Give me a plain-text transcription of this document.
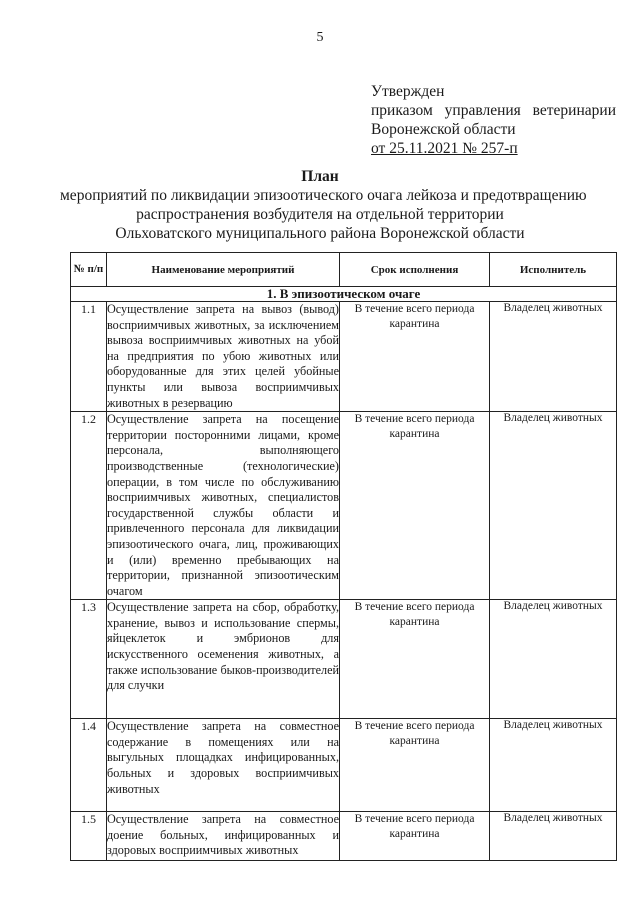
5
Утвержден
приказом управления ветеринарии
Воронежской области
от 25.11.2021 № 257-п
План
мероприятий по ликвидации эпизоотического очага лейкоза и предотвращению
распространения возбудителя на отдельной территории
Ольховатского муниципального района Воронежской области
№ п/п	Наименование мероприятий	Срок исполнения	Исполнитель
1. В эпизоотическом очаге			
1.1	Осуществление запрета на вывоз (вывод) восприимчивых животных, за исключением вывоза восприимчивых животных на убой на предприятия по убою животных или оборудованные для этих целей убойные пункты или вывоза восприимчивых животных в резервацию	В течение всего периода карантина	Владелец животных
1.2	Осуществление запрета на посещение территории посторонними лицами, кроме персонала, выполняющего производственные (технологические) операции, в том числе по обслуживанию восприимчивых животных, специалистов государственной службы области и привлеченного персонала для ликвидации эпизоотического очага, лиц, проживающих и (или) временно пребывающих на территории, признанной эпизоотическим очагом	В течение всего периода карантина	Владелец животных
1.3	Осуществление запрета на сбор, обработку, хранение, вывоз и использование спермы, яйцеклеток и эмбрионов для искусственного осеменения животных, а также использование быков-производителей для случки	В течение всего периода карантина	Владелец животных
1.4	Осуществление запрета на совместное содержание в помещениях или на выгульных площадках инфицированных, больных и здоровых восприимчивых животных	В течение всего периода карантина	Владелец животных
1.5	Осуществление запрета на совместное доение больных, инфицированных и здоровых восприимчивых животных	В течение всего периода карантина	Владелец животных
